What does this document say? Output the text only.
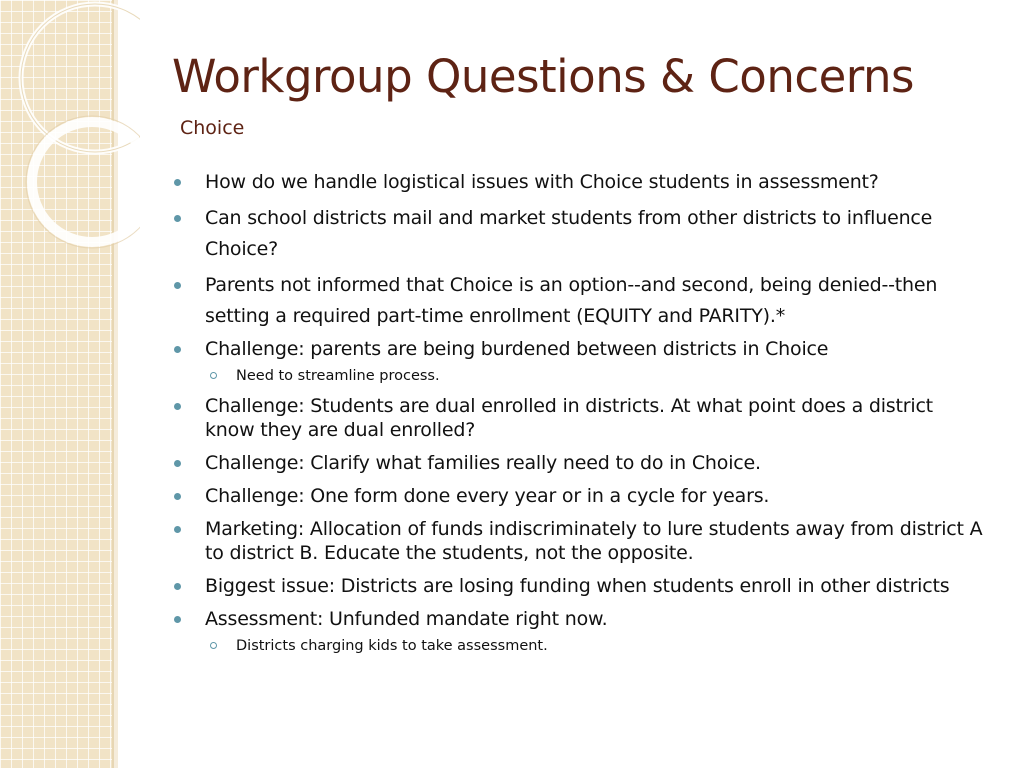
Workgroup Questions & Concerns
Choice
How do we handle logistical issues with Choice students in assessment?
Can school districts mail and market students from other districts to influence Choice?
Parents not informed that Choice is an option--and second, being denied--then setting a required part-time enrollment (EQUITY and PARITY).*
Challenge: parents are being burdened between districts in Choice
Need to streamline process.
Challenge: Students are dual enrolled in districts. At what point does a district know they are dual enrolled?
Challenge: Clarify what families really need to do in Choice.
Challenge: One form done every year or in a cycle for years.
Marketing: Allocation of funds indiscriminately to lure students away from district A to district B. Educate the students, not the opposite.
Biggest issue: Districts are losing funding when students enroll in other districts
Assessment: Unfunded mandate right now.
Districts charging kids to take assessment.
